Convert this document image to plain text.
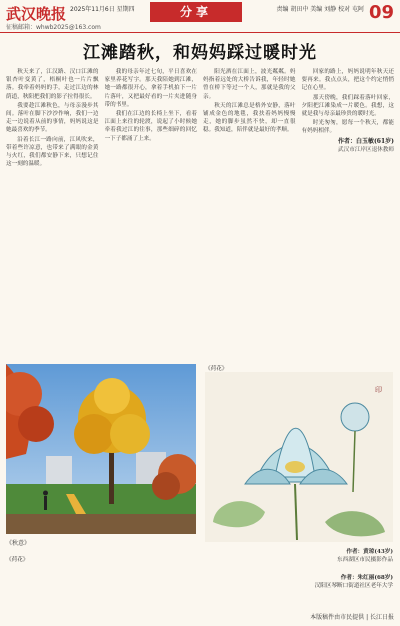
武汉晚报 2025年11月6日 星期四
征稿邮箱：whwb2025@163.com
分享	责编 胡田中 美编 刘静 校对 屯阿 09
江滩踏秋，和妈妈踩过暖时光

秋天来了，江汉路、汉口江滩的银杏叶变黄了，梧桐叶也一片片飘落。我牵着妈妈的手，走过江边的林荫道，秋阳把我们的影子拉得很长。

我要趁江滩秋色，与母亲漫步其间。落叶在脚下沙沙作响，我们一边走一边说着从前的事情，妈妈说这是她最喜欢的季节。

沿着长江一路向前，江风吹来，带着些许凉意，也带来了满眼的金黄与火红，我们都安静下来，只想记住这一刻的温暖。

我的母亲年过七旬，平日喜欢在家里养花写字。那天我陪她到江滩，她一路都很开心，拿着手机拍下一片片落叶，又把最好看的一片夹进随身带的书里。

我们在江边的长椅上坐下，看着江面上来往的轮渡，说起了小时候她牵着我过江的往事，那些细碎的回忆一下子都涌了上来。

阳光洒在江面上，波光粼粼。妈妈指着远处的大桥告诉我，年轻时她曾在桥下等过一个人，那就是我的父亲。

秋天的江滩总是格外安静，落叶铺成金色的地毯，我扶着妈妈慢慢走，她的脚步虽然不快，却一直很稳。我知道，陪伴就是最好的孝顺。

回家的路上，妈妈说明年秋天还要再来。我点点头，把这个约定悄悄记在心里。

那天傍晚，我们踩着落叶回家，夕阳把江滩染成一片暖色。我想，这就是我与母亲最珍贵的暖时光。

时光匆匆，愿每一个秋天，都能有妈妈相伴。

作者：白玉敏(61岁)
武汉市江岸区退休教师
《秋意》
《荷花》
印
作者：黄琼(43岁)
东西湖区市民摄影作品
《荷花》
作者：朱红丽(68岁)
汉阳区琴断口街道社区老年大学
本版稿件由市民提供 | 长江日报
